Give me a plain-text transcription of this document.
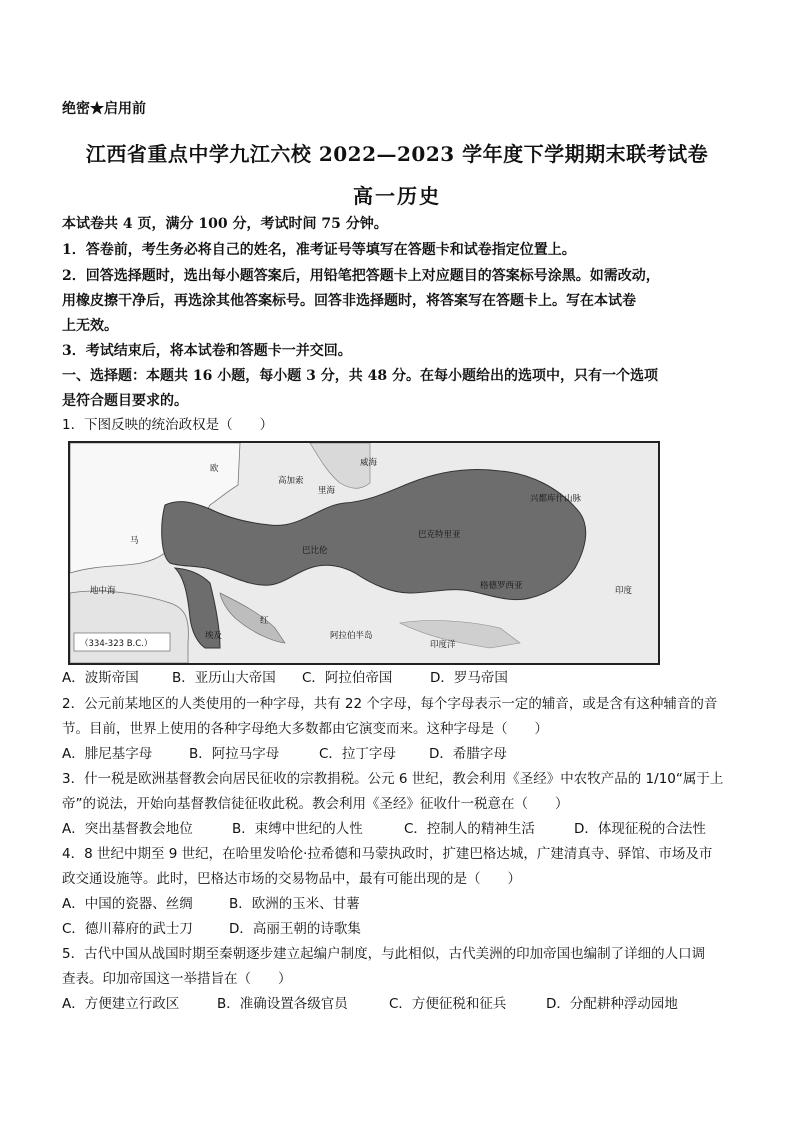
绝密★启用前
江西省重点中学九江六校 2022—2023 学年度下学期期末联考试卷
高一历史
本试卷共 4 页，满分 100 分，考试时间 75 分钟。
1．答卷前，考生务必将自己的姓名，准考证号等填写在答题卡和试卷指定位置上。
2．回答选择题时，选出每小题答案后，用铅笔把答题卡上对应题目的答案标号涂黑。如需改动，
用橡皮擦干净后，再选涂其他答案标号。回答非选择题时，将答案写在答题卡上。写在本试卷
上无效。
3．考试结束后，将本试卷和答题卡一并交回。
一、选择题：本题共 16 小题，每小题 3 分，共 48 分。在每小题给出的选项中，只有一个选项
是符合题目要求的。
1．下图反映的统治政权是（　　）
（334-323 B.C.）
威海
里海
高加索
欧
马
巴克特里亚
印度
阿拉伯半岛
印度洋
埃及
红
巴比伦
格德罗西亚
兴都库什山脉
地中海
A．波斯帝国 B．亚历山大帝国 C．阿拉伯帝国	D．罗马帝国
2．公元前某地区的人类使用的一种字母，共有 22 个字母，每个字母表示一定的辅音，或是含有这种辅音的音
节。目前，世界上使用的各种字母绝大多数都由它演变而来。这种字母是（　　）
A．腓尼基字母	B．阿拉马字母	C．拉丁字母 D．希腊字母
3．什一税是欧洲基督教会向居民征收的宗教捐税。公元 6 世纪，教会利用《圣经》中农牧产品的 1/10“属于上
帝”的说法，开始向基督教信徒征收此税。教会利用《圣经》征收什一税意在（　　）
A．突出基督教会地位	B．束缚中世纪的人性	C．控制人的精神生活	D．体现征税的合法性
4．8 世纪中期至 9 世纪，在哈里发哈伦·拉希德和马蒙执政时，扩建巴格达城，广建清真寺、驿馆、市场及市
政交通设施等。此时，巴格达市场的交易物品中，最有可能出现的是（　　）
A．中国的瓷器、丝绸	B．欧洲的玉米、甘薯
C．德川幕府的武士刀	D．高丽王朝的诗歌集
5．古代中国从战国时期至秦朝逐步建立起编户制度，与此相似，古代美洲的印加帝国也编制了详细的人口调
查表。印加帝国这一举措旨在（　　）
A．方便建立行政区	B．准确设置各级官员	C．方便征税和征兵	D．分配耕种浮动园地
